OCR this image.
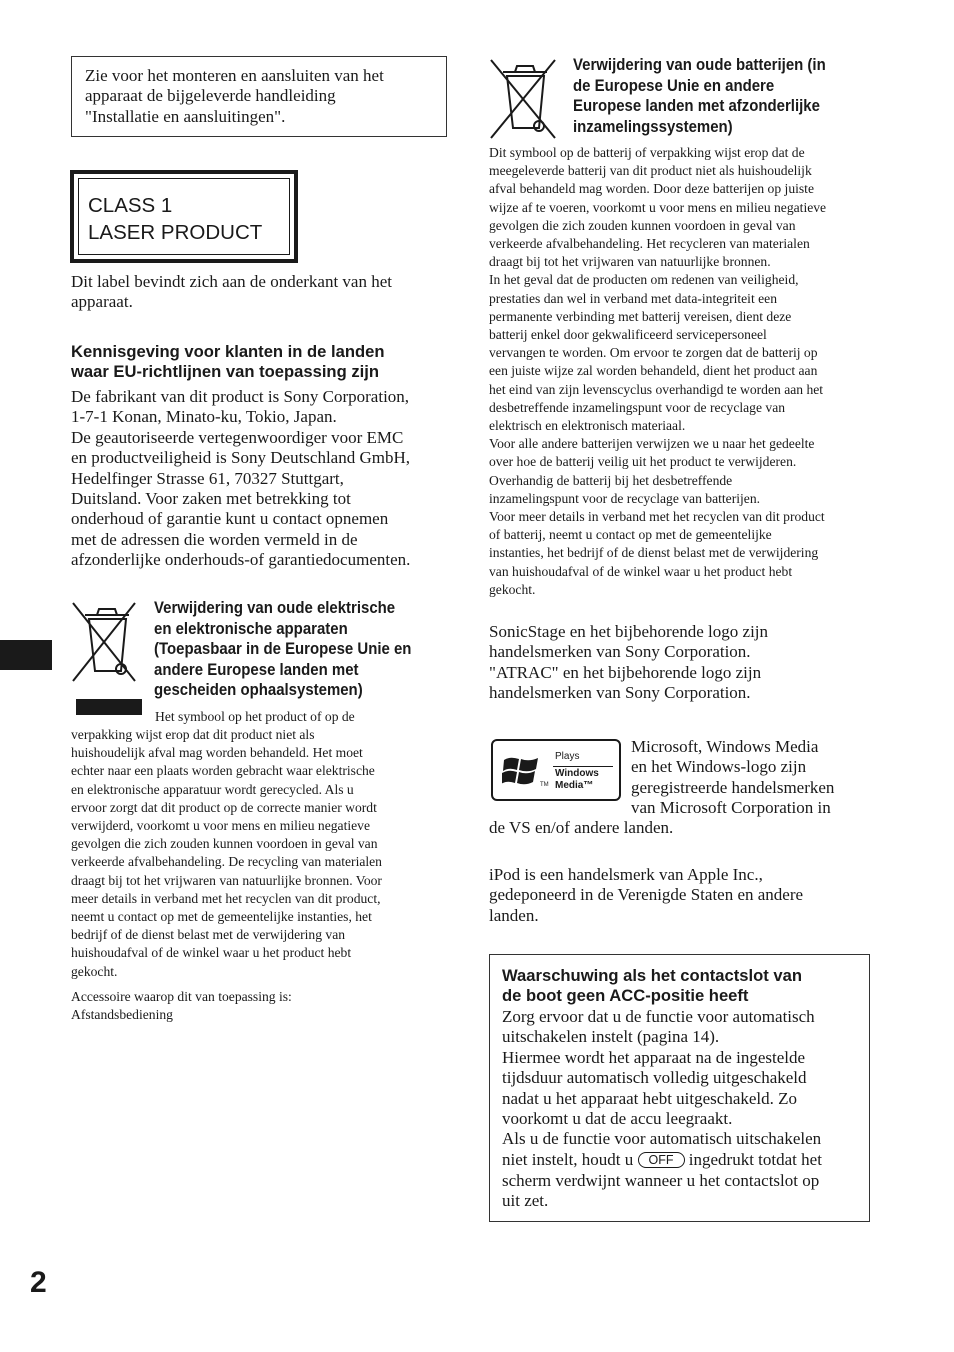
Zie voor het monteren en aansluiten van het
apparaat de bijgeleverde handleiding
"Installatie en aansluitingen".

CLASS 1
LASER PRODUCT

Dit label bevindt zich aan de onderkant van het
apparaat.

Kennisgeving voor klanten in de landen
waar EU-richtlijnen van toepassing zijn

De fabrikant van dit product is Sony Corporation,
1-7-1 Konan, Minato-ku, Tokio, Japan.
De geautoriseerde vertegenwoordiger voor EMC
en productveiligheid is Sony Deutschland GmbH,
Hedelfinger Strasse 61, 70327 Stuttgart,
Duitsland. Voor zaken met betrekking tot
onderhoud of garantie kunt u contact opnemen
met de adressen die worden vermeld in de
afzonderlijke onderhouds-of garantiedocumenten.

Verwijdering van oude elektrische
en elektronische apparaten
(Toepasbaar in de Europese Unie en
andere Europese landen met
gescheiden ophaalsystemen)

Het symbool op het product of op de

verpakking wijst erop dat dit product niet als
huishoudelijk afval mag worden behandeld. Het moet
echter naar een plaats worden gebracht waar elektrische
en elektronische apparatuur wordt gerecycled. Als u
ervoor zorgt dat dit product op de correcte manier wordt
verwijderd, voorkomt u voor mens en milieu negatieve
gevolgen die zich zouden kunnen voordoen in geval van
verkeerde afvalbehandeling. De recycling van materialen
draagt bij tot het vrijwaren van natuurlijke bronnen. Voor
meer details in verband met het recyclen van dit product,
neemt u contact op met de gemeentelijke instanties, het
bedrijf of de dienst belast met de verwijdering van
huishoudafval of de winkel waar u het product hebt
gekocht.

Accessoire waarop dit van toepassing is:
Afstandsbediening

Verwijdering van oude batterijen (in
de Europese Unie en andere
Europese landen met afzonderlijke
inzamelingssystemen)

Dit symbool op de batterij of verpakking wijst erop dat de
meegeleverde batterij van dit product niet als huishoudelijk
afval behandeld mag worden. Door deze batterijen op juiste
wijze af te voeren, voorkomt u voor mens en milieu negatieve
gevolgen die zich zouden kunnen voordoen in geval van
verkeerde afvalbehandeling. Het recycleren van materialen
draagt bij tot het vrijwaren van natuurlijke bronnen.
In het geval dat de producten om redenen van veiligheid,
prestaties dan wel in verband met data-integriteit een
permanente verbinding met batterij vereisen, dient deze
batterij enkel door gekwalificeerd servicepersoneel
vervangen te worden. Om ervoor te zorgen dat de batterij op
een juiste wijze zal worden behandeld, dient het product aan
het eind van zijn levenscyclus overhandigd te worden aan het
desbetreffende inzamelingspunt voor de recyclage van
elektrisch en elektronisch materiaal.
Voor alle andere batterijen verwijzen we u naar het gedeelte
over hoe de batterij veilig uit het product te verwijderen.
Overhandig de batterij bij het desbetreffende
inzamelingspunt voor de recyclage van batterijen.
Voor meer details in verband met het recyclen van dit product
of batterij, neemt u contact op met de gemeentelijke
instanties, het bedrijf of de dienst belast met de verwijdering
van huishoudafval of de winkel waar u het product hebt
gekocht.

SonicStage en het bijbehorende logo zijn
handelsmerken van Sony Corporation.
"ATRAC" en het bijbehorende logo zijn
handelsmerken van Sony Corporation.

TM
Plays
Windows
Media™

Microsoft, Windows Media
en het Windows-logo zijn
geregistreerde handelsmerken
van Microsoft Corporation in

de VS en/of andere landen.

iPod is een handelsmerk van Apple Inc.,
gedeponeerd in de Verenigde Staten en andere
landen.

Waarschuwing als het contactslot van
de boot geen ACC-positie heeft

Zorg ervoor dat u de functie voor automatisch
uitschakelen instelt (pagina 14).
Hiermee wordt het apparaat na de ingestelde
tijdsduur automatisch volledig uitgeschakeld
nadat u het apparaat hebt uitgeschakeld. Zo
voorkomt u dat de accu leegraakt.
Als u de functie voor automatisch uitschakelen

niet instelt, houdt u OFF ingedrukt totdat het

scherm verdwijnt wanneer u het contactslot op
uit zet.

2
